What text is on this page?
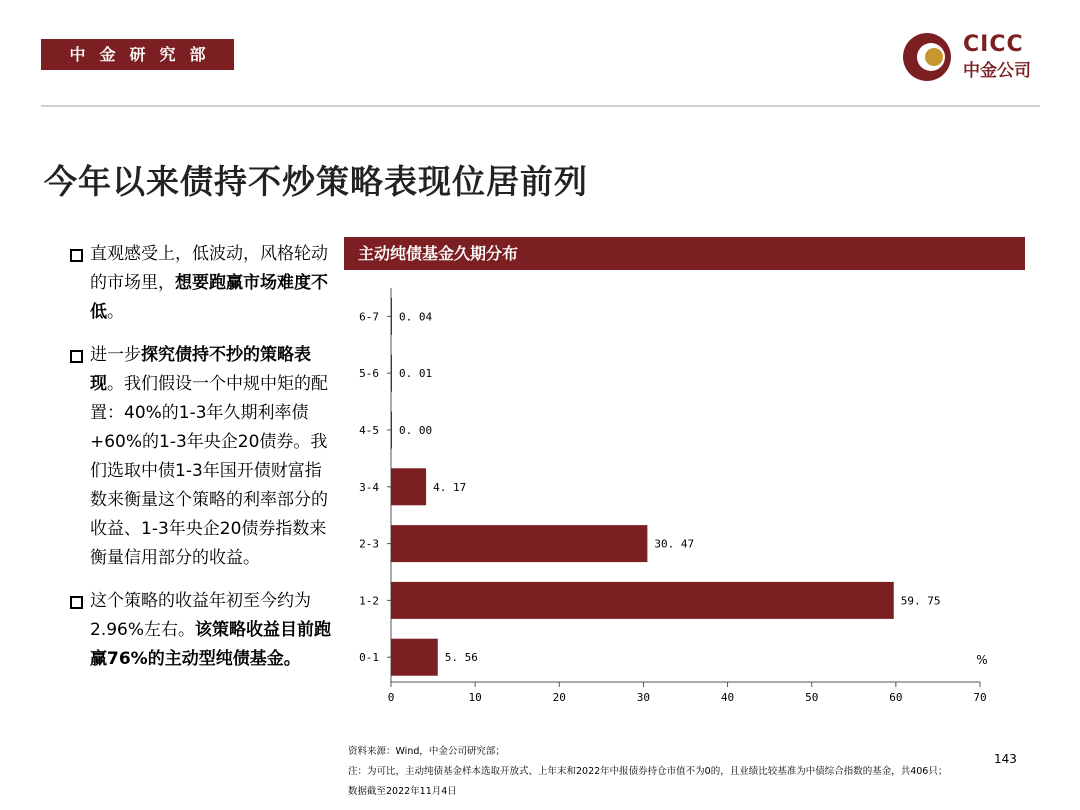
中金研究部	CICC
中金公司
今年以来债持不炒策略表现位居前列
直观感受上，低波动，风格轮动的市场里，想要跑赢市场难度不低。
进一步探究债持不抄的策略表现。我们假设一个中规中矩的配置：40%的1-3年久期利率债+60%的1-3年央企20债券。我们选取中债1-3年国开债财富指数来衡量这个策略的利率部分的收益、1-3年央企20债券指数来衡量信用部分的收益。
这个策略的收益年初至今约为2.96%左右。该策略收益目前跑赢76%的主动型纯债基金。
主动纯债基金久期分布
0	10	20	30	40	50	60	70
%
6-7 0. 04
5-6 0. 01
4-5 0. 00
3-4	4. 17
2-3	30. 47
1-2	59. 75
0-1	5. 56
资料来源：Wind，中金公司研究部；
注：为可比，主动纯债基金样本选取开放式、上年末和2022年中报债券持仓市值不为0的，且业绩比较基准为中债综合指数的基金，共406只；
数据截至2022年11月4日
143
